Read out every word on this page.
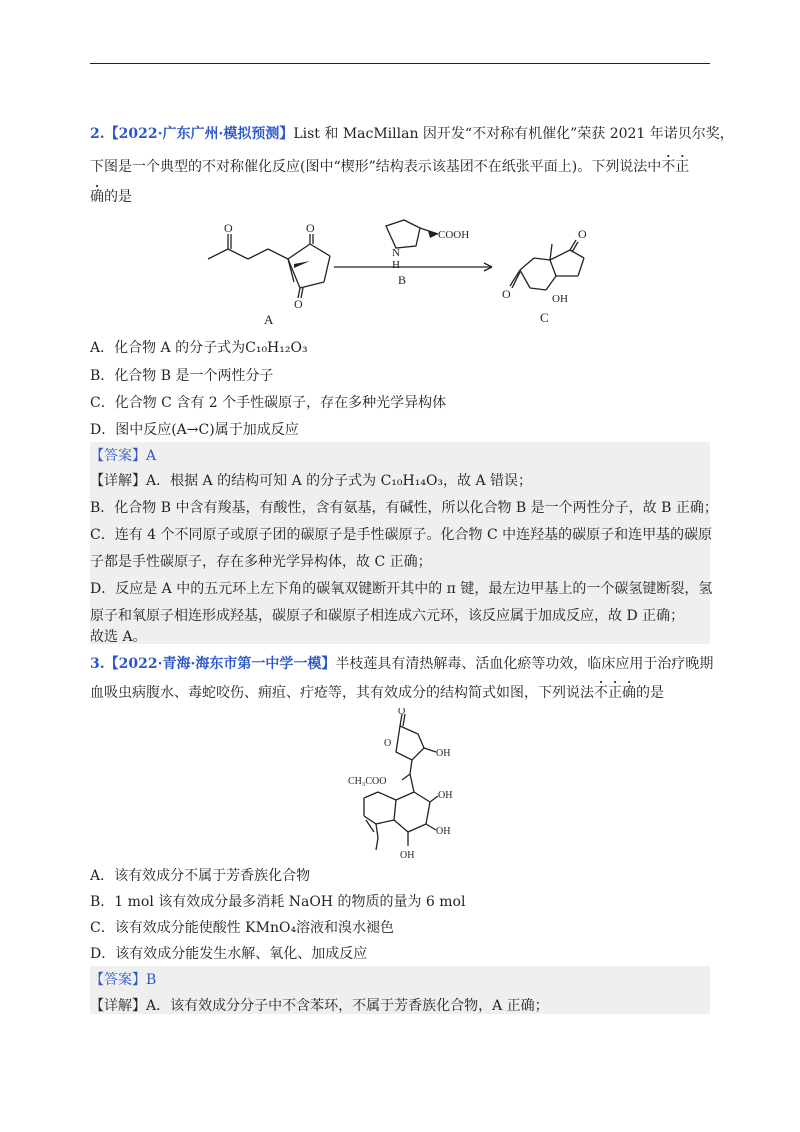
2.【2022·广东广州·模拟预测】List 和 MacMillan 因开发“不对称有机催化”荣获 2021 年诺贝尔奖，
下图是一个典型的不对称催化反应(图中“楔形”结构表示该基团不在纸张平面上)。下列说法中不正
确的是
O	O
O
N
H
COOH
B
O
O
OH
A	C
A．化合物 A 的分子式为C₁₀H₁₂O₃
B．化合物 B 是一个两性分子
C．化合物 C 含有 2 个手性碳原子，存在多种光学异构体
D．图中反应(A→C)属于加成反应
【答案】A
【详解】A．根据 A 的结构可知 A 的分子式为 C₁₀H₁₄O₃，故 A 错误；
B．化合物 B 中含有羧基，有酸性，含有氨基，有碱性，所以化合物 B 是一个两性分子，故 B 正确；
C．连有 4 个不同原子或原子团的碳原子是手性碳原子。化合物 C 中连羟基的碳原子和连甲基的碳原
子都是手性碳原子，存在多种光学异构体，故 C 正确；
D．反应是 A 中的五元环上左下角的碳氧双键断开其中的 π 键，最左边甲基上的一个碳氢键断裂，氢
原子和氧原子相连形成羟基，碳原子和碳原子相连成六元环，该反应属于加成反应，故 D 正确；
故选 A。
3.【2022·青海·海东市第一中学一模】半枝莲具有清热解毒、活血化瘀等功效，临床应用于治疗晚期
血吸虫病腹水、毒蛇咬伤、痈疽、疔疮等，其有效成分的结构简式如图，下列说法不正确的是
O
O
OH
CH₃COO
OH
OH
OH
A．该有效成分不属于芳香族化合物
B．1 mol 该有效成分最多消耗 NaOH 的物质的量为 6 mol
C．该有效成分能使酸性 KMnO₄溶液和溴水褪色
D．该有效成分能发生水解、氧化、加成反应
【答案】B
【详解】A．该有效成分分子中不含苯环，不属于芳香族化合物，A 正确；
